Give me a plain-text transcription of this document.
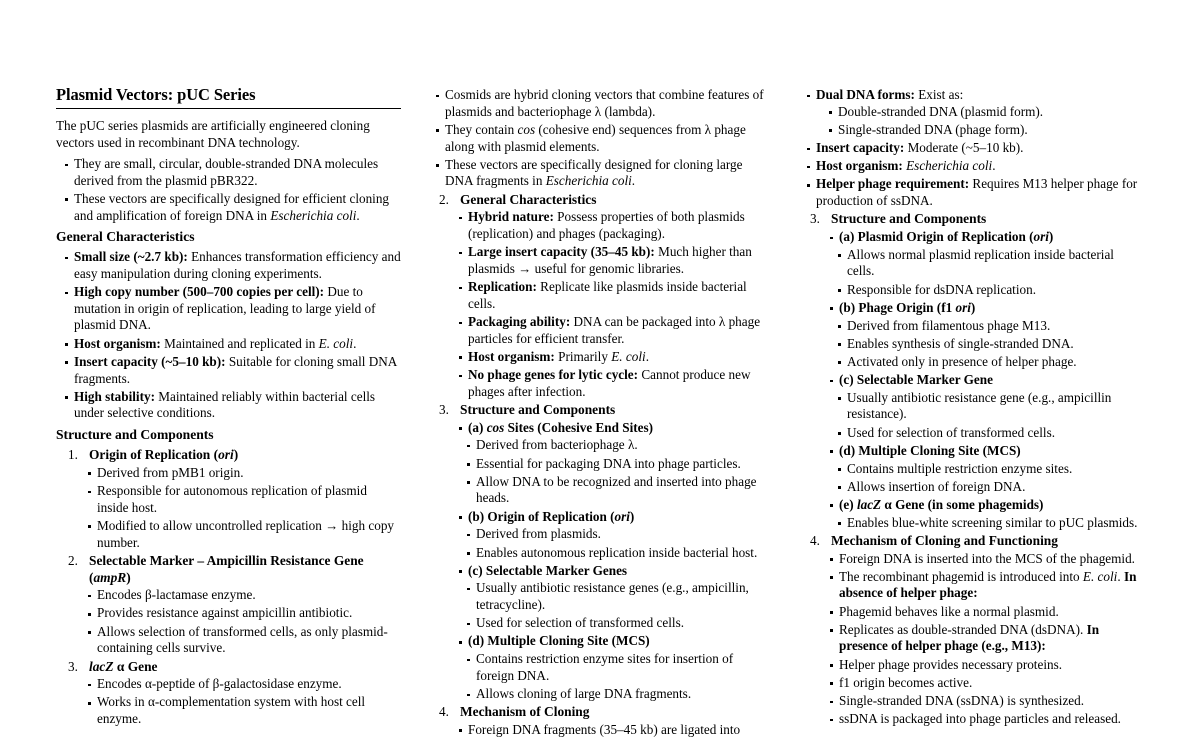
Plasmid Vectors: pUC Series

The pUC series plasmids are artificially engineered cloning vectors used in recombinant DNA technology.

They are small, circular, double-stranded DNA molecules derived from the plasmid pBR322.
These vectors are specifically designed for efficient cloning and amplification of foreign DNA in Escherichia coli.
General Characteristics
Small size (~2.7 kb): Enhances transformation efficiency and easy manipulation during cloning experiments.
High copy number (500–700 copies per cell): Due to mutation in origin of replication, leading to large yield of plasmid DNA.
Host organism: Maintained and replicated in E. coli.
Insert capacity (~5–10 kb): Suitable for cloning small DNA fragments.
High stability: Maintained reliably within bacterial cells under selective conditions.
Structure and Components
1. Origin of Replication (ori)
Derived from pMB1 origin.
Responsible for autonomous replication of plasmid inside host.
Modified to allow uncontrolled replication → high copy number.
2. Selectable Marker – Ampicillin Resistance Gene (ampR)
Encodes β-lactamase enzyme.
Provides resistance against ampicillin antibiotic.
Allows selection of transformed cells, as only plasmid-containing cells survive.
3. lacZ α Gene
Encodes α-peptide of β-galactosidase enzyme.
Works in α-complementation system with host cell enzyme.
Cosmids are hybrid cloning vectors that combine features of plasmids and bacteriophage λ (lambda).
They contain cos (cohesive end) sequences from λ phage along with plasmid elements.
These vectors are specifically designed for cloning large DNA fragments in Escherichia coli.
2. General Characteristics
Hybrid nature: Possess properties of both plasmids (replication) and phages (packaging).
Large insert capacity (35–45 kb): Much higher than plasmids → useful for genomic libraries.
Replication: Replicate like plasmids inside bacterial cells.
Packaging ability: DNA can be packaged into λ phage particles for efficient transfer.
Host organism: Primarily E. coli.
No phage genes for lytic cycle: Cannot produce new phages after infection.
3. Structure and Components
(a) cos Sites (Cohesive End Sites)
Derived from bacteriophage λ.
Essential for packaging DNA into phage particles.
Allow DNA to be recognized and inserted into phage heads.
(b) Origin of Replication (ori)
Derived from plasmids.
Enables autonomous replication inside bacterial host.
(c) Selectable Marker Genes
Usually antibiotic resistance genes (e.g., ampicillin, tetracycline).
Used for selection of transformed cells.
(d) Multiple Cloning Site (MCS)
Contains restriction enzyme sites for insertion of foreign DNA.
Allows cloning of large DNA fragments.
4. Mechanism of Cloning
Foreign DNA fragments (35–45 kb) are ligated into
Dual DNA forms: Exist as:
Double-stranded DNA (plasmid form).
Single-stranded DNA (phage form).
Insert capacity: Moderate (~5–10 kb).
Host organism: Escherichia coli.
Helper phage requirement: Requires M13 helper phage for production of ssDNA.
3. Structure and Components
(a) Plasmid Origin of Replication (ori)
Allows normal plasmid replication inside bacterial cells.
Responsible for dsDNA replication.
(b) Phage Origin (f1 ori)
Derived from filamentous phage M13.
Enables synthesis of single-stranded DNA.
Activated only in presence of helper phage.
(c) Selectable Marker Gene
Usually antibiotic resistance gene (e.g., ampicillin resistance).
Used for selection of transformed cells.
(d) Multiple Cloning Site (MCS)
Contains multiple restriction enzyme sites.
Allows insertion of foreign DNA.
(e) lacZ α Gene (in some phagemids)
Enables blue-white screening similar to pUC plasmids.
4. Mechanism of Cloning and Functioning
Foreign DNA is inserted into the MCS of the phagemid.
The recombinant phagemid is introduced into E. coli. In absence of helper phage:
Phagemid behaves like a normal plasmid.
Replicates as double-stranded DNA (dsDNA). In presence of helper phage (e.g., M13):
Helper phage provides necessary proteins.
f1 origin becomes active.
Single-stranded DNA (ssDNA) is synthesized.
ssDNA is packaged into phage particles and released.
